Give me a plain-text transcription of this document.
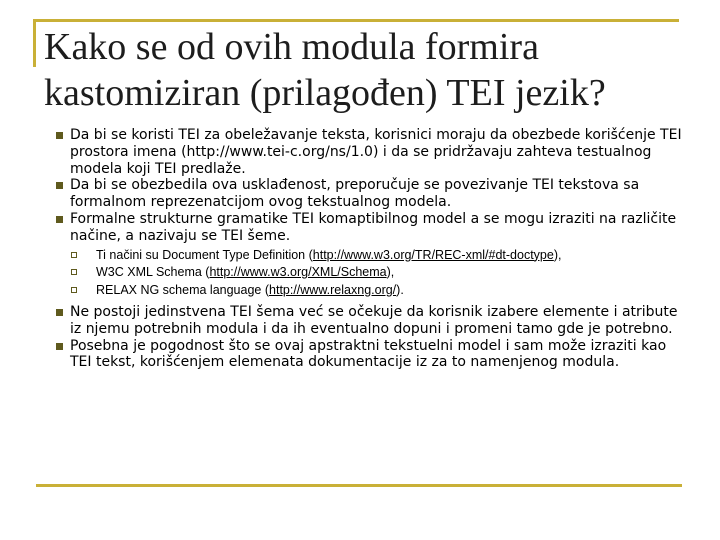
Kako se od ovih modula formira
kastomiziran (prilagođen) TEI jezik?
Da bi se koristi TEI za obeležavanje teksta, korisnici moraju da obezbede korišćenje TEI prostora imena (http://www.tei-c.org/ns/1.0) i da se pridržavaju zahteva testualnog modela koji TEI predlaže.
Da bi se obezbedila ova usklađenost, preporučuje se povezivanje TEI tekstova sa formalnom reprezenatcijom ovog tekstualnog modela.
Formalne strukturne gramatike TEI komaptibilnog model a se mogu izraziti na različite načine, a nazivaju se TEI šeme.
Ti načini su Document Type Definition (http://www.w3.org/TR/REC-xml/#dt-doctype),
W3C XML Schema (http://www.w3.org/XML/Schema),
RELAX NG schema language (http://www.relaxng.org/).
Ne postoji jedinstvena TEI šema već se očekuje da korisnik izabere elemente i atribute iz njemu potrebnih modula i da ih eventualno dopuni i promeni tamo gde je potrebno.
Posebna je pogodnost što se ovaj apstraktni tekstuelni model i sam može izraziti kao TEI tekst, korišćenjem elemenata dokumentacije iz za to namenjenog modula.
